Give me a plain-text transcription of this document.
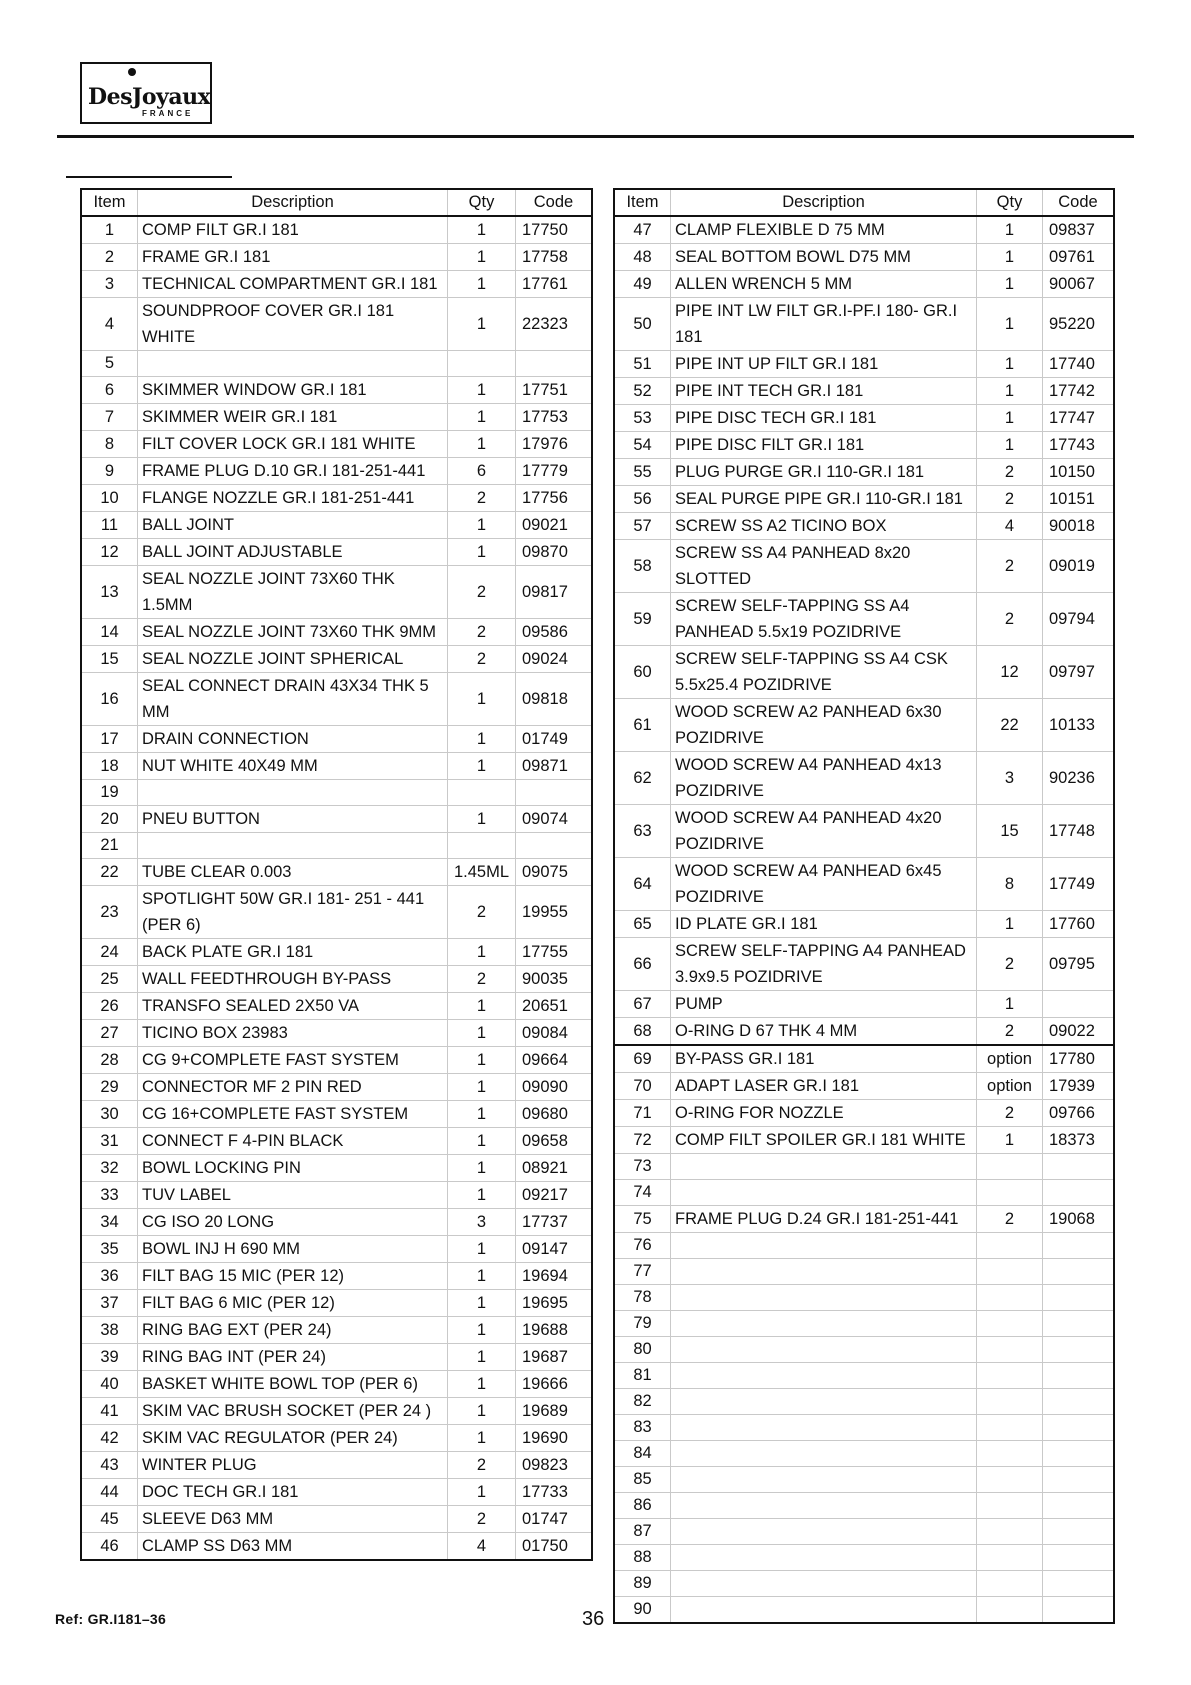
DesJoyaux
FRANCE
Item	Description	Qty	Code
1	COMP FILT GR.I 181	1	17750
2	FRAME GR.I 181	1	17758
3	TECHNICAL COMPARTMENT GR.I 181	1	17761
4	SOUNDPROOF COVER GR.I 181 WHITE	1	22323
5			
6	SKIMMER WINDOW GR.I 181	1	17751
7	SKIMMER WEIR GR.I 181	1	17753
8	FILT COVER LOCK GR.I 181 WHITE	1	17976
9	FRAME PLUG D.10 GR.I 181-251-441	6	17779
10	FLANGE NOZZLE GR.I 181-251-441	2	17756
11	BALL JOINT	1	09021
12	BALL JOINT ADJUSTABLE	1	09870
13	SEAL NOZZLE JOINT 73X60 THK 1.5MM	2	09817
14	SEAL NOZZLE JOINT 73X60 THK 9MM	2	09586
15	SEAL NOZZLE JOINT SPHERICAL	2	09024
16	SEAL CONNECT DRAIN 43X34 THK 5 MM	1	09818
17	DRAIN CONNECTION	1	01749
18	NUT WHITE 40X49 MM	1	09871
19			
20	PNEU BUTTON	1	09074
21			
22	TUBE CLEAR 0.003	1.45ML	09075
23	SPOTLIGHT 50W GR.I 181- 251 - 441 (PER 6)	2	19955
24	BACK PLATE GR.I 181	1	17755
25	WALL FEEDTHROUGH BY-PASS	2	90035
26	TRANSFO SEALED 2X50 VA	1	20651
27	TICINO BOX 23983	1	09084
28	CG 9+COMPLETE FAST SYSTEM	1	09664
29	CONNECTOR MF 2 PIN RED	1	09090
30	CG 16+COMPLETE FAST SYSTEM	1	09680
31	CONNECT F 4-PIN BLACK	1	09658
32	BOWL LOCKING PIN	1	08921
33	TUV LABEL	1	09217
34	CG ISO 20 LONG	3	17737
35	BOWL INJ H 690 MM	1	09147
36	FILT BAG 15 MIC (PER 12)	1	19694
37	FILT BAG 6 MIC (PER 12)	1	19695
38	RING BAG EXT (PER 24)	1	19688
39	RING BAG INT (PER 24)	1	19687
40	BASKET WHITE BOWL TOP (PER 6)	1	19666
41	SKIM VAC BRUSH SOCKET (PER 24 )	1	19689
42	SKIM VAC REGULATOR (PER 24)	1	19690
43	WINTER PLUG	2	09823
44	DOC TECH GR.I 181	1	17733
45	SLEEVE D63 MM	2	01747
46	CLAMP SS D63 MM	4	01750
Item	Description	Qty	Code
47	CLAMP FLEXIBLE D 75 MM	1	09837
48	SEAL BOTTOM BOWL D75 MM	1	09761
49	ALLEN WRENCH 5 MM	1	90067
50	PIPE INT LW FILT GR.I-PF.I 180- GR.I 181	1	95220
51	PIPE INT UP FILT GR.I 181	1	17740
52	PIPE INT TECH GR.I 181	1	17742
53	PIPE DISC TECH GR.I 181	1	17747
54	PIPE DISC FILT GR.I 181	1	17743
55	PLUG PURGE GR.I 110-GR.I 181	2	10150
56	SEAL PURGE PIPE GR.I 110-GR.I 181	2	10151
57	SCREW SS A2 TICINO BOX	4	90018
58	SCREW SS A4 PANHEAD 8x20 SLOTTED	2	09019
59	SCREW SELF-TAPPING SS A4 PANHEAD 5.5x19 POZIDRIVE	2	09794
60	SCREW SELF-TAPPING SS A4 CSK 5.5x25.4 POZIDRIVE	12	09797
61	WOOD SCREW A2 PANHEAD 6x30 POZIDRIVE	22	10133
62	WOOD SCREW A4 PANHEAD 4x13 POZIDRIVE	3	90236
63	WOOD SCREW A4 PANHEAD 4x20 POZIDRIVE	15	17748
64	WOOD SCREW A4 PANHEAD 6x45 POZIDRIVE	8	17749
65	ID PLATE GR.I 181	1	17760
66	SCREW SELF-TAPPING A4 PANHEAD 3.9x9.5 POZIDRIVE	2	09795
67	PUMP	1	
68	O-RING D 67 THK 4 MM	2	09022
69	BY-PASS GR.I 181	option	17780
70	ADAPT LASER GR.I 181	option	17939
71	O-RING FOR NOZZLE	2	09766
72	COMP FILT SPOILER GR.I 181 WHITE	1	18373
73			
74			
75	FRAME PLUG D.24 GR.I 181-251-441	2	19068
76			
77			
78			
79			
80			
81			
82			
83			
84			
85			
86			
87			
88			
89			
90			
Ref: GR.I181–36	36
